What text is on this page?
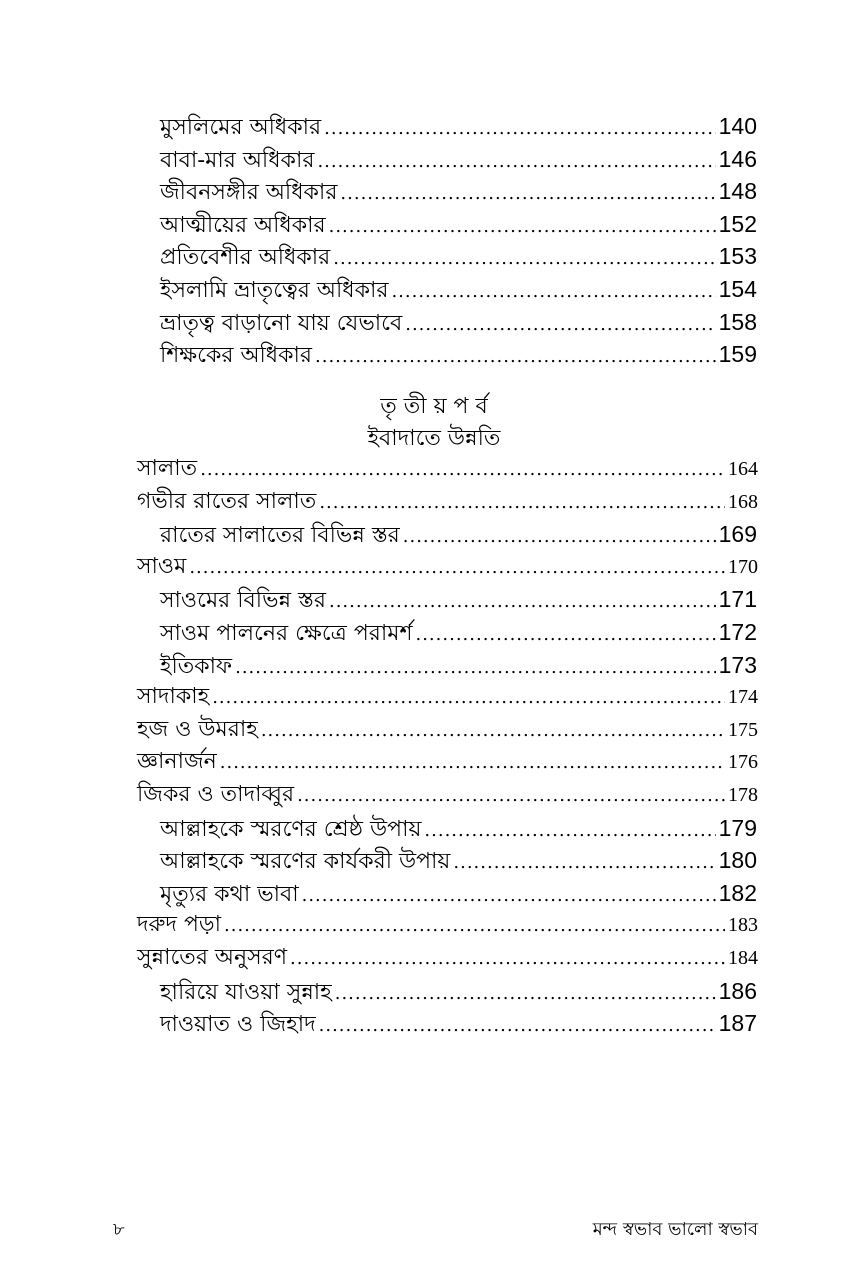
মুসলিমের অধিকার .....	140
বাবা-মার অধিকার .....	146
জীবনসঙ্গীর অধিকার .....	148
আত্মীয়ের অধিকার .....	152
প্রতিবেশীর অধিকার .....	153
ইসলামি ভ্রাতৃত্বের অধিকার .....	154
ভ্রাতৃত্ব বাড়ানো যায় যেভাবে .....	158
শিক্ষকের অধিকার .....	159
তৃ তী য় প র্ব
ইবাদাতে উন্নতি
সালাত .....	164
গভীর রাতের সালাত .....	168
রাতের সালাতের বিভিন্ন স্তর .....	169
সাওম .....	170
সাওমের বিভিন্ন স্তর .....	171
সাওম পালনের ক্ষেত্রে পরামর্শ .....	172
ইতিকাফ .....	173
সাদাকাহ .....	174
হজ ও উমরাহ .....	175
জ্ঞানার্জন .....	176
জিকর ও তাদাব্বুর .....	178
আল্লাহকে স্মরণের শ্রেষ্ঠ উপায় .....	179
আল্লাহকে স্মরণের কার্যকরী উপায় .....	180
মৃত্যুর কথা ভাবা .....	182
দরুদ পড়া .....	183
সুন্নাতের অনুসরণ .....	184
হারিয়ে যাওয়া সুন্নাহ .....	186
দাওয়াত ও জিহাদ .....	187
৮	মন্দ স্বভাব ভালো স্বভাব
